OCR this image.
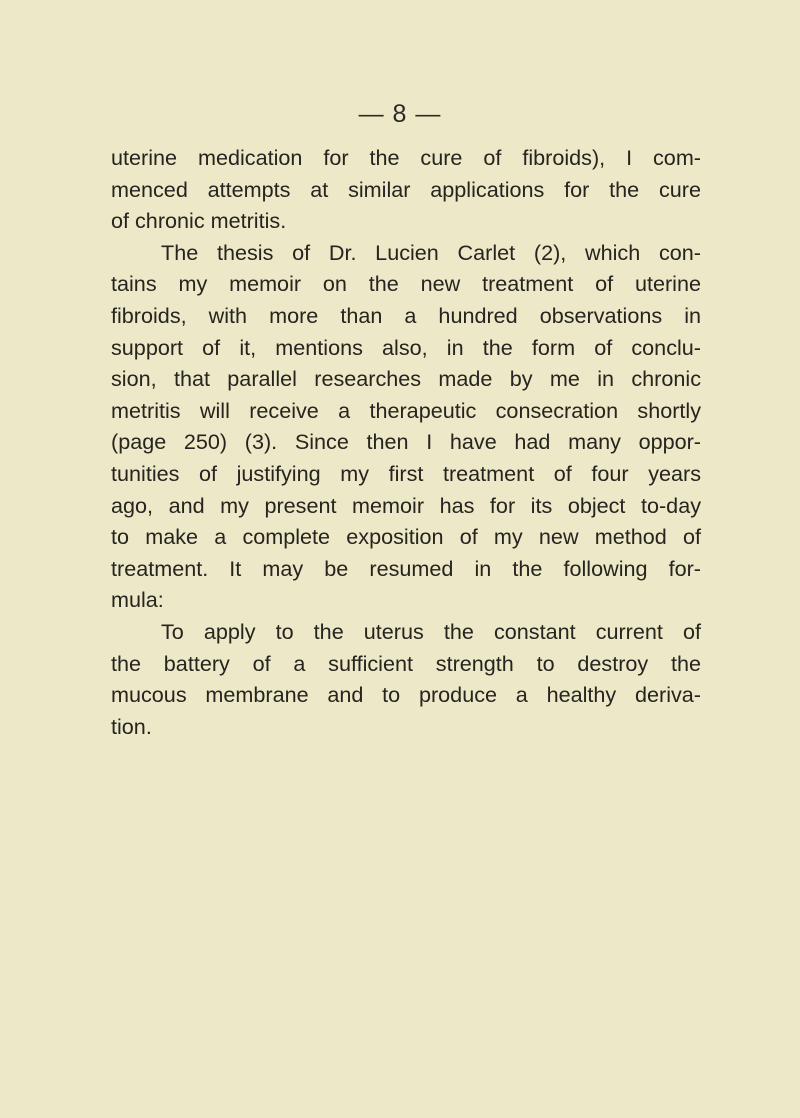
— 8 —
uterine medication for the cure of fibroids), I com-
menced attempts at similar applications for the cure
of chronic metritis.
The thesis of Dr. Lucien Carlet (2), which con-
tains my memoir on the new treatment of uterine
fibroids, with more than a hundred observations in
support of it, mentions also, in the form of conclu-
sion, that parallel researches made by me in chronic
metritis will receive a therapeutic consecration shortly
(page 250) (3). Since then I have had many oppor-
tunities of justifying my first treatment of four years
ago, and my present memoir has for its object to-day
to make a complete exposition of my new method of
treatment. It may be resumed in the following for-
mula:
To apply to the uterus the constant current of
the battery of a sufficient strength to destroy the
mucous membrane and to produce a healthy deriva-
tion.
